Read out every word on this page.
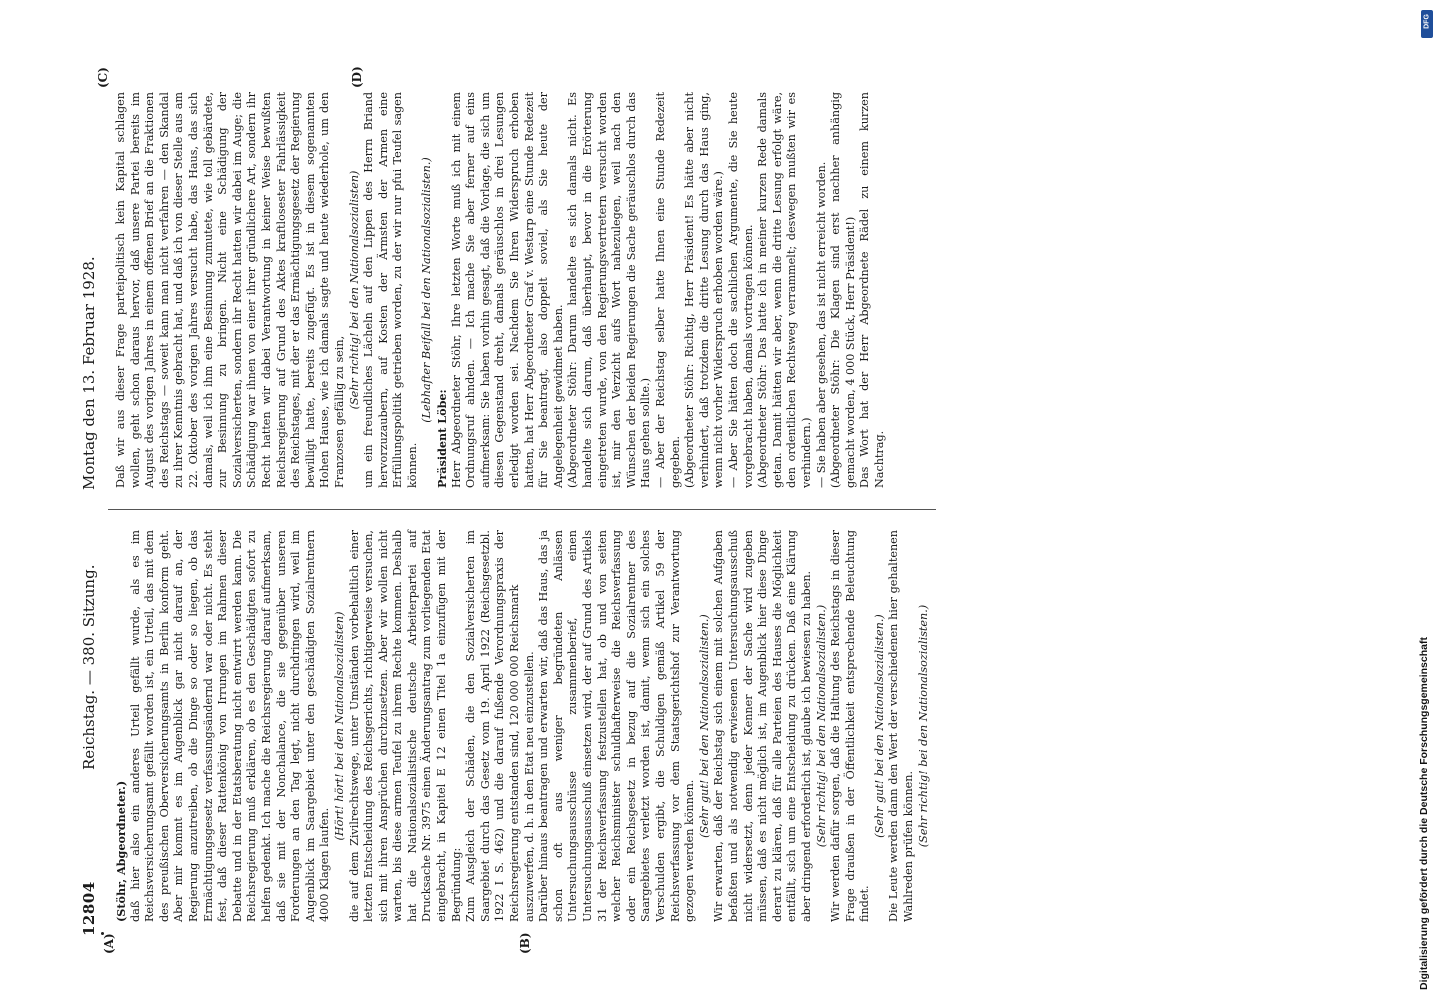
12804
Reichstag. — 380. Sitzung.
Montag den 13. Februar 1928.
(A)	(B)
(C)	(D)

(Stöhr, Abgeordneter.) daß hier also ein anderes Urteil gefällt wurde, als es im Reichsversicherungsamt gefällt worden ist, ein Urteil, das mit dem des preußischen Oberversicherungsamts in Berlin konform geht. Aber mir kommt es im Augenblick gar nicht darauf an, der Regierung anzutreiben, ob die Dinge so oder so liegen, ob das Ermächtigungsgesetz verfassungsändernd war oder nicht. Es steht fest, daß dieser Rattenkönig von Irrungen im Rahmen dieser Debatte und in der Etatsberatung nicht entwirrt werden kann. Die Reichsregierung muß erklären, ob es den Geschädigten sofort zu helfen gedenkt. Ich mache die Reichsregierung darauf aufmerksam, daß sie mit der Nonchalance, die sie gegenüber unseren Forderungen an den Tag legt, nicht durchdringen wird, weil im Augenblick im Saargebiet unter den geschädigten Sozialrentnern 4000 Klagen laufen.

(Hört! hört! bei den Nationalsozialisten) die auf dem Zivilrechtswege, unter Umständen vorbehaltlich einer letzten Entscheidung des Reichsgerichts, richtigerweise versuchen, sich mit ihren Ansprüchen durchzusetzen. Aber wir wollen nicht warten, bis diese armen Teufel zu ihrem Rechte kommen. Deshalb hat die Nationalsozialistische deutsche Arbeiterpartei auf Drucksache Nr. 3975 einen Änderungsantrag zum vorliegenden Etat eingebracht, in Kapitel E 12 einen Titel 1a einzufügen mit der Begründung: Zum Ausgleich der Schäden, die den Sozialversicherten im Saargebiet durch das Gesetz vom 19. April 1922 (Reichsgesetzbl. 1922 I S. 462) und die darauf fußende Verordnungspraxis der Reichsregierung entstanden sind, 120 000 000 Reichsmark auszuwerfen, d. h. in den Etat neu einzustellen. Darüber hinaus beantragen und erwarten wir, daß das Haus, das ja schon oft aus weniger begründeten Anlässen Untersuchungsausschüsse zusammenberief, einen Untersuchungsausschuß einsetzen wird, der auf Grund des Artikels 31 der Reichsverfassung festzustellen hat, ob und von seiten welcher Reichsminister schuldhafterweise die Reichsverfassung oder ein Reichsgesetz in bezug auf die Sozialrentner des Saargebietes verletzt worden ist, damit, wenn sich ein solches Verschulden ergibt, die Schuldigen gemäß Artikel 59 der Reichsverfassung vor dem Staatsgerichtshof zur Verantwortung gezogen werden können.

(Sehr gut! bei den Nationalsozialisten.) Wir erwarten, daß der Reichstag sich einem mit solchen Aufgaben befaßten und als notwendig erwiesenen Untersuchungsausschuß nicht widersetzt, denn jeder Kenner der Sache wird zugeben müssen, daß es nicht möglich ist, im Augenblick hier diese Dinge derart zu klären, daß für alle Parteien des Hauses die Möglichkeit entfällt, sich um eine Entscheidung zu drücken. Daß eine Klärung aber dringend erforderlich ist, glaube ich bewiesen zu haben. (Sehr richtig! bei den Nationalsozialisten.) Wir werden dafür sorgen, daß die Haltung des Reichstags in dieser Frage draußen in der Öffentlichkeit entsprechende Beleuchtung findet.

(Sehr gut! bei den Nationalsozialisten.) Die Leute werden dann den Wert der verschiedenen hier gehaltenen Wahlreden prüfen können. (Sehr richtig! bei den Nationalsozialisten.)

Daß wir aus dieser Frage parteipolitisch kein Kapital schlagen wollen, geht schon daraus hervor, daß unsere Partei bereits im August des vorigen Jahres in einem offenen Brief an die Fraktionen des Reichstags — soweit kann man nicht verfahren — den Skandal zu ihrer Kenntnis gebracht hat, und daß ich von dieser Stelle aus am 22. Oktober des vorigen Jahres versucht habe, das Haus, das sich damals, weil ich ihm eine Besinnung zumutete, wie toll gebärdete, zur Besinnung zu bringen. Nicht eine Schädigung der Sozialversicherten, sondern ihr Recht hatten wir dabei im Auge; die Schädigung war ihnen von einer ihrer gründlichere Art, sondern ihr Recht hatten wir dabei Verantwortung in keiner Weise bewußten Reichsregierung auf Grund des Aktes kraftlosester Fahrlässigkeit des Reichstages, mit der er das Ermächtigungsgesetz der Regierung bewilligt hatte, bereits zugefügt. Es ist in diesem sogenannten Hohen Hause, wie ich damals sagte und heute wiederhole, um den Franzosen gefällig zu sein,

(Sehr richtig! bei den Nationalsozialisten) um ein freundliches Lächeln auf den Lippen des Herrn Briand hervorzuzaubern, auf Kosten der Ärmsten der Armen eine Erfüllungspolitik getrieben worden, zu der wir nur pfui Teufel sagen können.

(Lebhafter Beifall bei den Nationalsozialisten.)

Präsident Löbe: Herr Abgeordneter Stöhr, Ihre letzten Worte muß ich mit einem Ordnungsruf ahnden. — Ich mache Sie aber ferner auf eins aufmerksam: Sie haben vorhin gesagt, daß die Vorlage, die sich um diesen Gegenstand dreht, damals geräuschlos in drei Lesungen erledigt worden sei. Nachdem Sie Ihren Widerspruch erhoben hatten, hat Herr Abgeordneter Graf v. Westarp eine Stunde Redezeit für Sie beantragt, also doppelt soviel, als Sie heute der Angelegenheit gewidmet haben. (Abgeordneter Stöhr: Darum handelte es sich damals nicht. Es handelte sich darum, daß überhaupt, bevor in die Erörterung eingetreten wurde, von den Regierungsvertretern versucht worden ist, mir den Verzicht aufs Wort nahezulegen, weil nach den Wünschen der beiden Regierungen die Sache geräuschlos durch das Haus gehen sollte.) — Aber der Reichstag selber hatte Ihnen eine Stunde Redezeit gegeben. (Abgeordneter Stöhr: Richtig, Herr Präsident! Es hätte aber nicht verhindert, daß trotzdem die dritte Lesung durch das Haus ging, wenn nicht vorher Widerspruch erhoben worden wäre.) — Aber Sie hätten doch die sachlichen Argumente, die Sie heute vorgebracht haben, damals vortragen können. (Abgeordneter Stöhr: Das hatte ich in meiner kurzen Rede damals getan. Damit hätten wir aber, wenn die dritte Lesung erfolgt wäre, den ordentlichen Rechtsweg verrammelt; deswegen mußten wir es verhindern.) — Sie haben aber gesehen, das ist nicht erreicht worden. (Abgeordneter Stöhr: Die Klagen sind erst nachher anhängig gemacht worden, 4 000 Stück, Herr Präsident!) Das Wort hat der Herr Abgeordnete Rädel zu einem kurzen Nachtrag.

Digitalisierung gefördert durch die Deutsche Forschungsgemeinschaft
DFG
